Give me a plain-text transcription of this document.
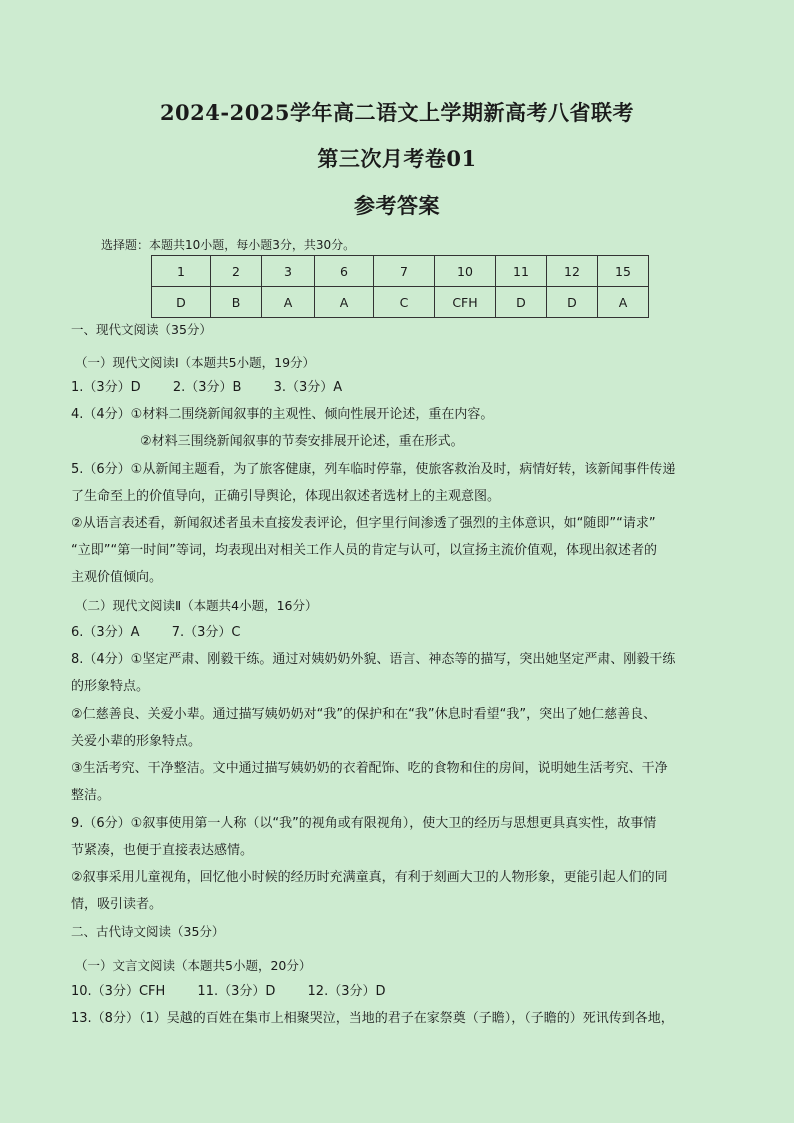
2024-2025学年高二语文上学期新高考八省联考
第三次月考卷01
参考答案
选择题：本题共10小题，每小题3分，共30分。
1	2	3	6	7	10	11	12	15
D	B	A	A	C	CFH	D	D	A
一、现代文阅读（35分）
（一）现代文阅读Ⅰ（本题共5小题，19分）
1.（3分）D 2.（3分）B 3.（3分）A
4.（4分）①材料二围绕新闻叙事的主观性、倾向性展开论述，重在内容。
②材料三围绕新闻叙事的节奏安排展开论述，重在形式。
5.（6分）①从新闻主题看，为了旅客健康，列车临时停靠，使旅客救治及时，病情好转，该新闻事件传递
了生命至上的价值导向，正确引导舆论，体现出叙述者选材上的主观意图。
②从语言表述看，新闻叙述者虽未直接发表评论，但字里行间渗透了强烈的主体意识，如“随即”“请求”
“立即”“第一时间”等词，均表现出对相关工作人员的肯定与认可，以宣扬主流价值观，体现出叙述者的
主观价值倾向。
（二）现代文阅读Ⅱ（本题共4小题，16分）
6.（3分）A 7.（3分）C
8.（4分）①坚定严肃、刚毅干练。通过对姨奶奶外貌、语言、神态等的描写，突出她坚定严肃、刚毅干练
的形象特点。
②仁慈善良、关爱小辈。通过描写姨奶奶对“我”的保护和在“我”休息时看望“我”，突出了她仁慈善良、
关爱小辈的形象特点。
③生活考究、干净整洁。文中通过描写姨奶奶的衣着配饰、吃的食物和住的房间，说明她生活考究、干净
整洁。
9.（6分）①叙事使用第一人称（以“我”的视角或有限视角），使大卫的经历与思想更具真实性，故事情
节紧凑，也便于直接表达感情。
②叙事采用儿童视角，回忆他小时候的经历时充满童真，有利于刻画大卫的人物形象，更能引起人们的同
情，吸引读者。
二、古代诗文阅读（35分）
（一）文言文阅读（本题共5小题，20分）
10.（3分）CFH 11.（3分）D 12.（3分）D
13.（8分）（1）吴越的百姓在集市上相聚哭泣，当地的君子在家祭奠（子瞻），（子瞻的）死讯传到各地，
